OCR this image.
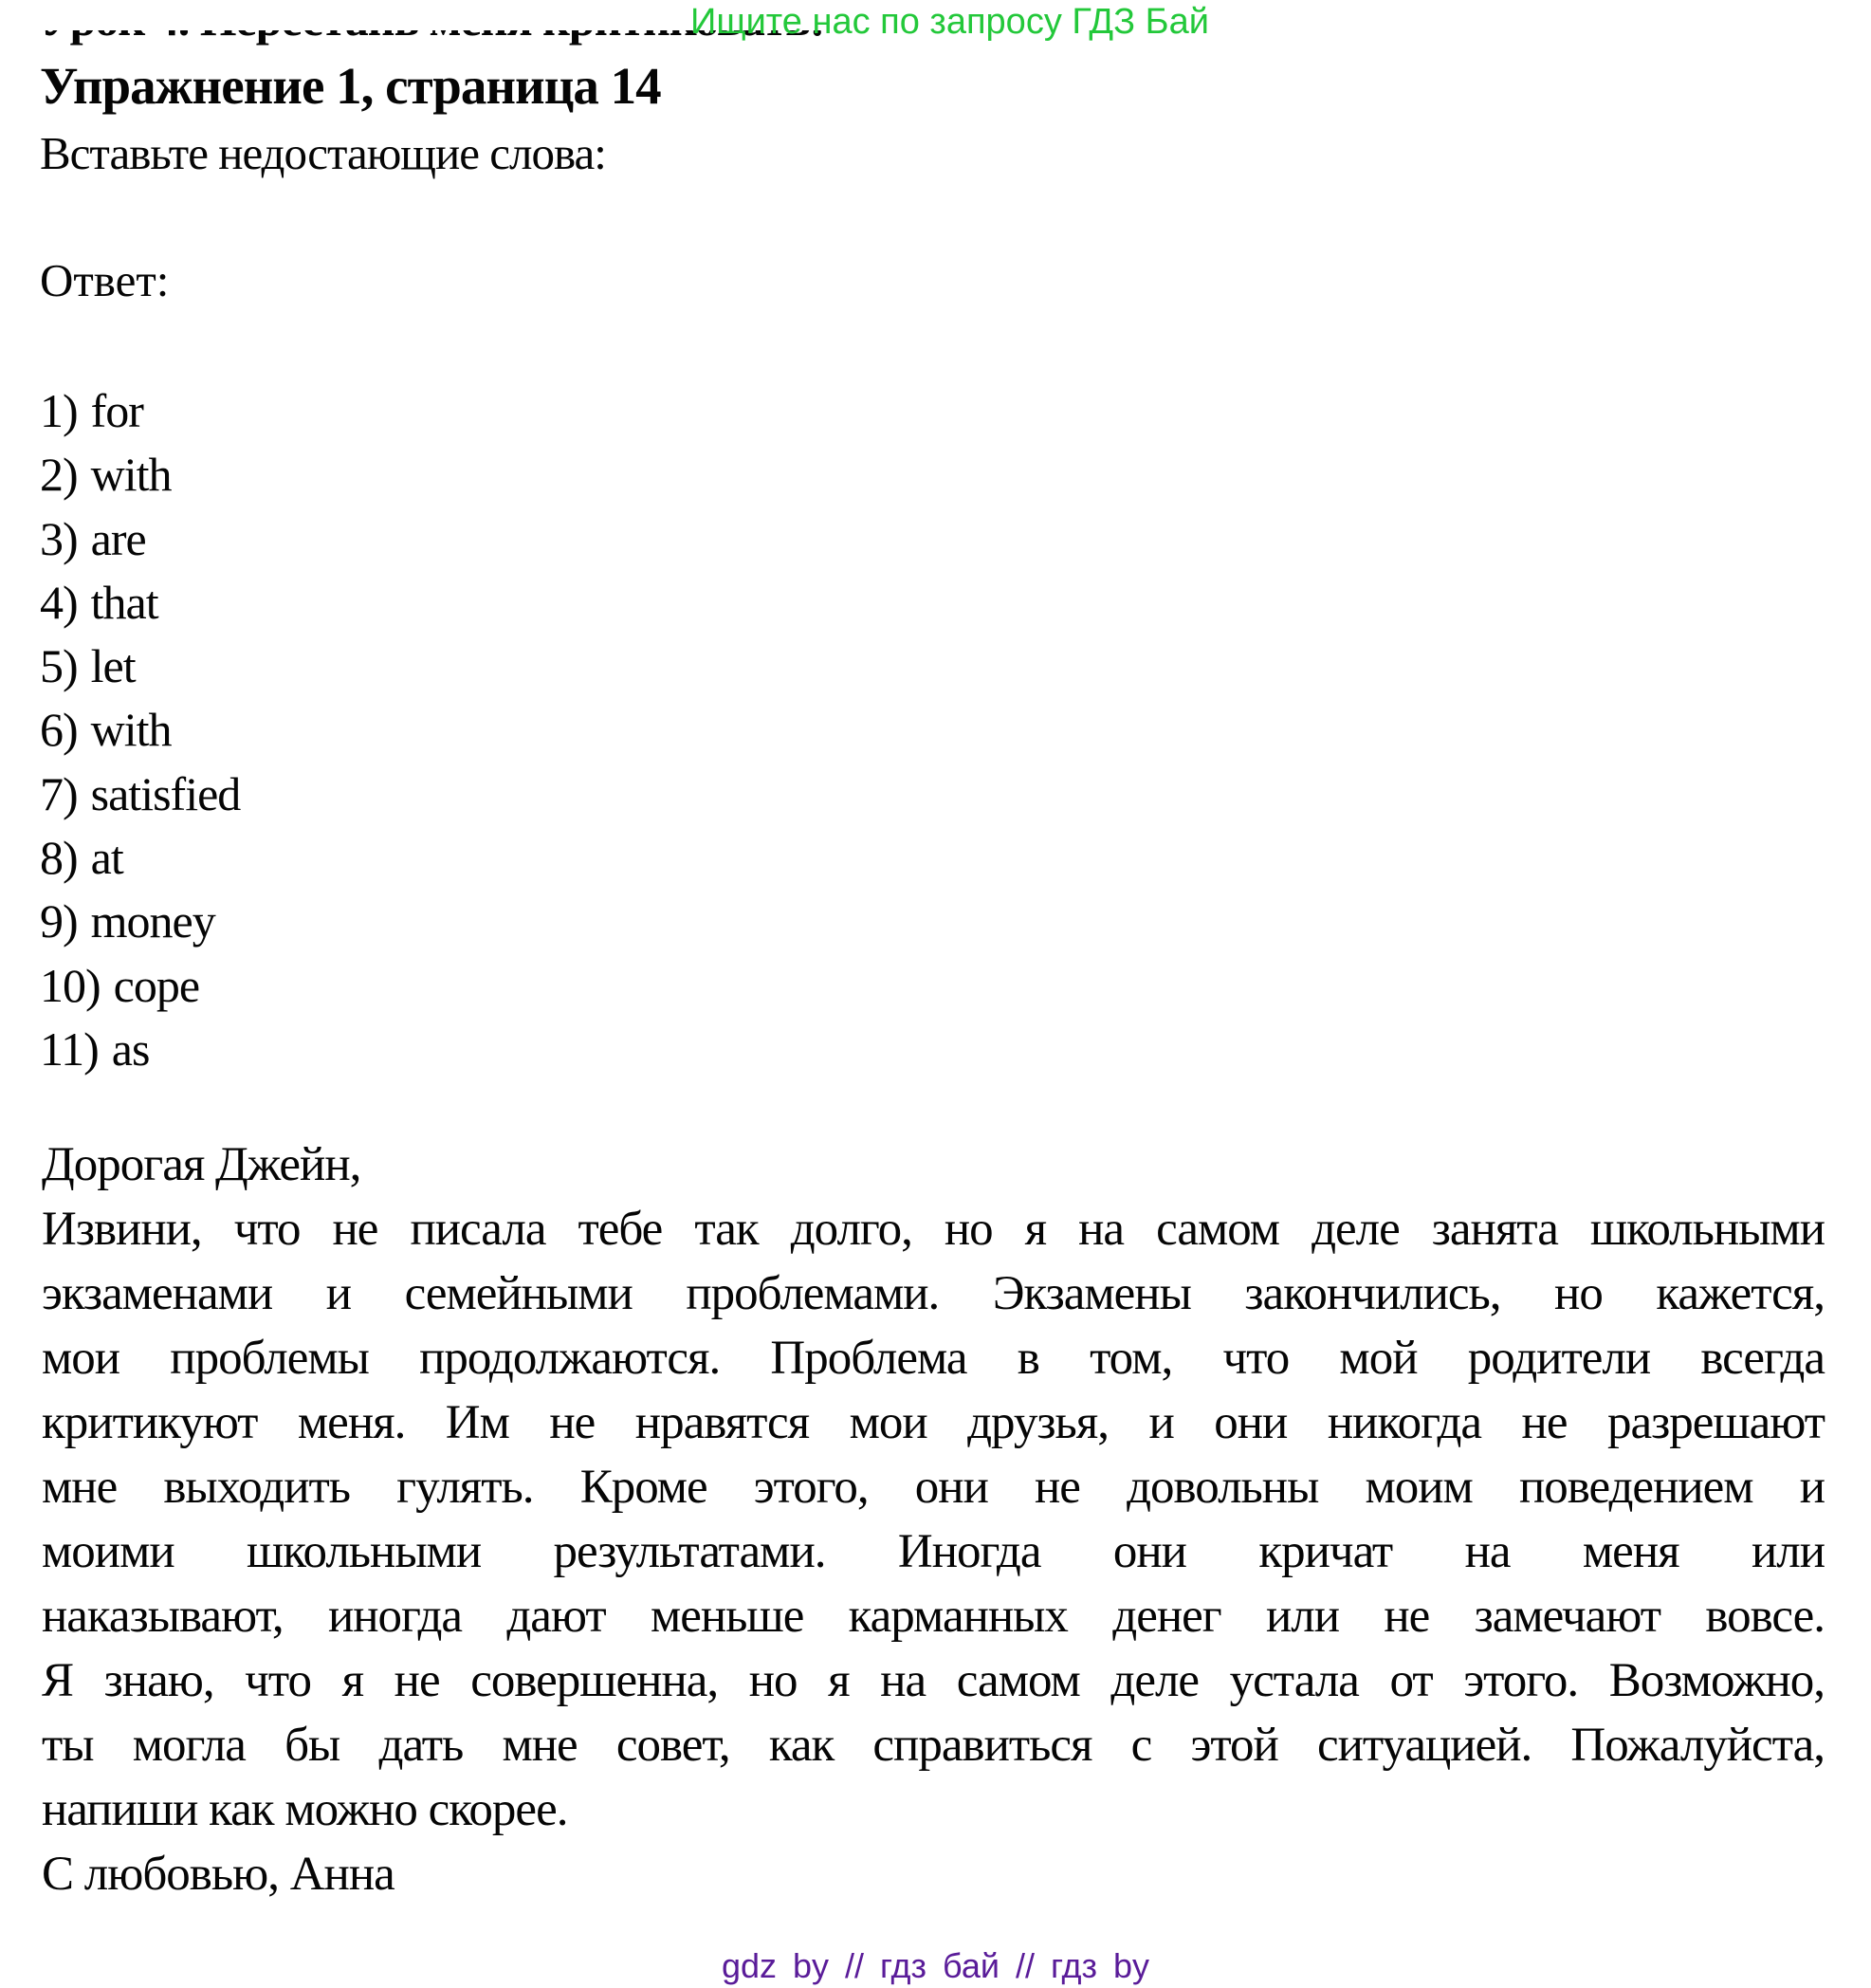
Ищите нас по запросу ГДЗ Бай
Упражнение 1, страница 14
Вставьте недостающие слова:
Ответ:
1) for
2) with
3) are
4) that
5) let
6) with
7) satisfied
8) at
9) money
10) cope
11) as
Дорогая Джейн,
Извини, что не писала тебе так долго, но я на самом деле занята школьными
экзаменами и семейными проблемами. Экзамены закончились, но кажется,
мои проблемы продолжаются. Проблема в том, что мой родители всегда
критикуют меня. Им не нравятся мои друзья, и они никогда не разрешают
мне выходить гулять. Кроме этого, они не довольны моим поведением и
моими школьными результатами. Иногда они кричат на меня или
наказывают, иногда дают меньше карманных денег или не замечают вовсе.
Я знаю, что я не совершенна, но я на самом деле устала от этого. Возможно,
ты могла бы дать мне совет, как справиться с этой ситуацией. Пожалуйста,
напиши как можно скорее.
С любовью, Анна
gdz by // гдз бай // гдз by
